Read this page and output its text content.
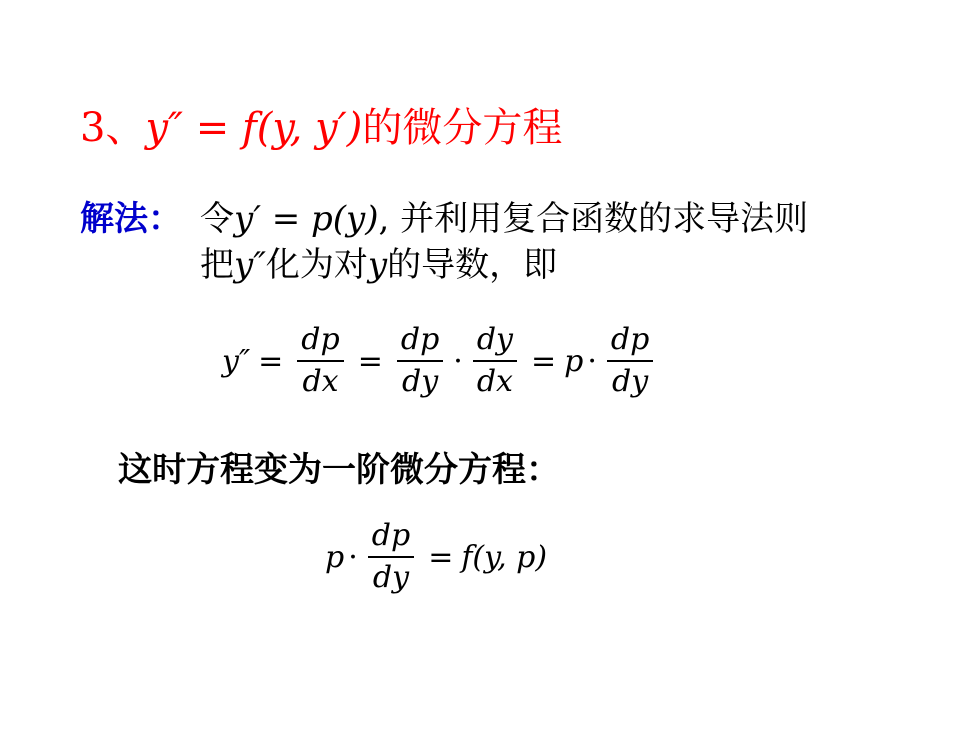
3、y″ = f(y, y′)的微分方程
解法： 令y′ = p(y), 并利用复合函数的求导法则
把y″化为对y的导数，即
$y'' = \frac{dp}{dx} = \frac{dp}{dy} \cdot \frac{dy}{dx} = p \cdot \frac{dp}{dy}$
这时方程变为一阶微分方程：
$p \cdot \frac{dp}{dy} = f(y$, p)
